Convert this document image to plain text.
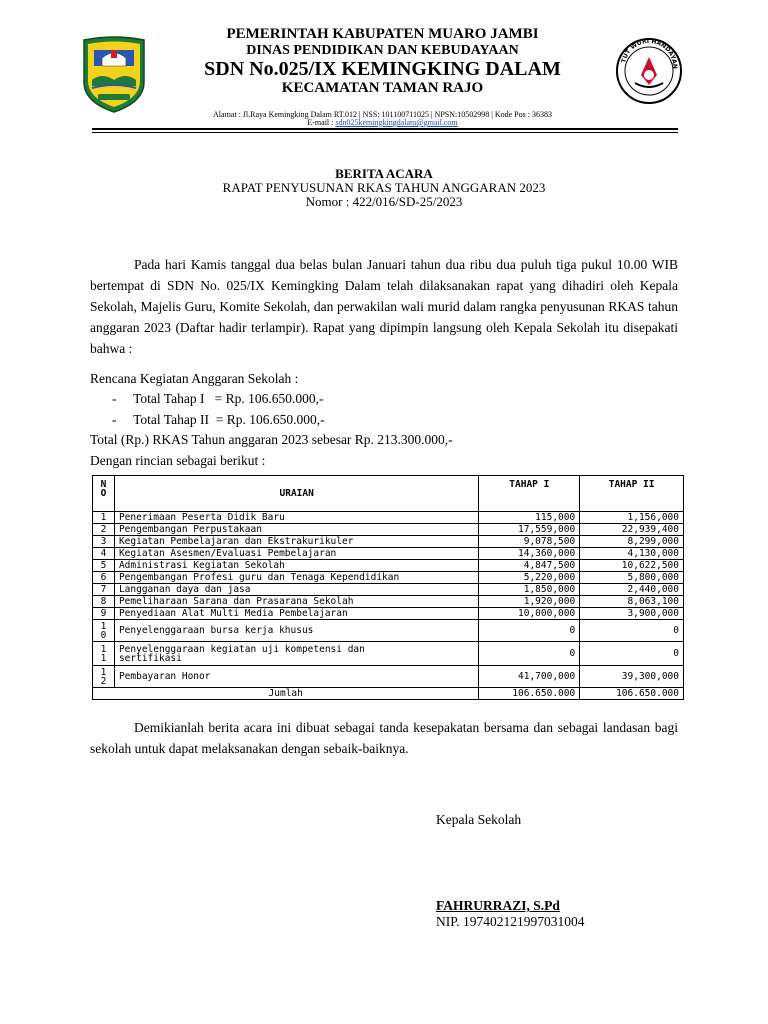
TUT WURI HANDAYAN
PEMERINTAH KABUPATEN MUARO JAMBI
DINAS PENDIDIKAN DAN KEBUDAYAAN
SDN No.025/IX KEMINGKING DALAM
KECAMATAN TAMAN RAJO
Alamat : Jl.Raya Kemingking Dalam RT.012 | NSS: 101100711025 | NPSN:10502998 | Kode Pos : 36383
E-mail : sdn025kemingkingdalam@gmail.com
BERITA ACARA
RAPAT PENYUSUNAN RKAS TAHUN ANGGARAN 2023
Nomor : 422/016/SD-25/2023
Pada hari Kamis tanggal dua belas bulan Januari tahun dua ribu dua puluh tiga pukul 10.00 WIB bertempat di SDN No. 025/IX Kemingking Dalam telah dilaksanakan rapat yang dihadiri oleh Kepala Sekolah, Majelis Guru, Komite Sekolah, dan perwakilan wali murid dalam rangka penyusunan RKAS tahun anggaran 2023 (Daftar hadir terlampir). Rapat yang dipimpin langsung oleh Kepala Sekolah itu disepakati bahwa :
Rencana Kegiatan Anggaran Sekolah :
-     Total Tahap I   = Rp. 106.650.000,-
-     Total Tahap II  = Rp. 106.650.000,-
Total (Rp.) RKAS Tahun anggaran 2023 sebesar Rp. 213.300.000,-
Dengan rincian sebagai berikut :
N O	URAIAN	TAHAP I	TAHAP II
1	Penerimaan Peserta Didik Baru	115,000	1,156,000
2	Pengembangan Perpustakaan	17,559,000	22,939,400
3	Kegiatan Pembelajaran dan Ekstrakurikuler	9,078,500	8,299,000
4	Kegiatan Asesmen/Evaluasi Pembelajaran	14,360,000	4,130,000
5	Administrasi Kegiatan Sekolah	4,847,500	10,622,500
6	Pengembangan Profesi guru dan Tenaga Kependidikan	5,220,000	5,800,000
7	Langganan daya dan jasa	1,850,000	2,440,000
8	Pemeliharaan Sarana dan Prasarana Sekolah	1,920,000	8,063,100
9	Penyediaan Alat Multi Media Pembelajaran	10,000,000	3,900,000
1 0	Penyelenggaraan bursa kerja khusus	0	0
1 1	Penyelenggaraan kegiatan uji kompetensi dan sertifikasi	0	0
1 2	Pembayaran Honor	41,700,000	39,300,000
Jumlah		106.650.000	106.650.000
Demikianlah berita acara ini dibuat sebagai tanda kesepakatan bersama dan sebagai landasan bagi sekolah untuk dapat melaksanakan dengan sebaik-baiknya.
Kepala Sekolah
FAHRURRAZI, S.Pd
NIP. 197402121997031004
